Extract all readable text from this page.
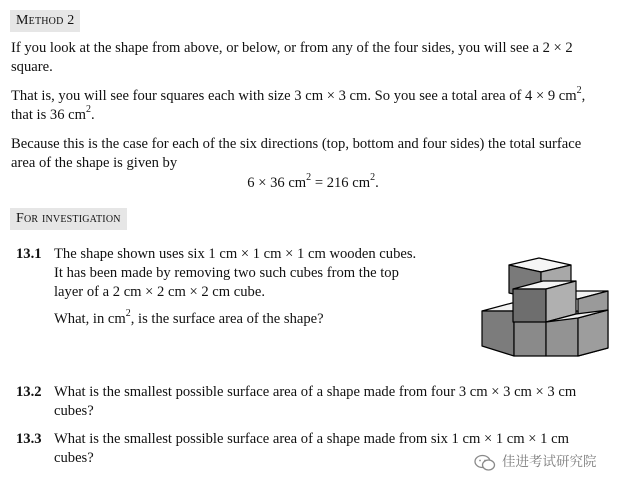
Method 2
If you look at the shape from above, or below, or from any of the four sides, you will see a 2 × 2
square.
That is, you will see four squares each with size 3 cm × 3 cm. So you see a total area of 4 × 9 $cm^2$,
that is 36 $cm^2$.
Because this is the case for each of the six directions (top, bottom and four sides) the total surface
area of the shape is given by
6 × 36 $cm^2 = 216$ $cm^2$.
For investigation
13.1 The shape shown uses six 1 cm × 1 cm × 1 cm wooden cubes.
It has been made by removing two such cubes from the top
layer of a 2 cm × 2 cm × 2 cm cube.
What, in $cm^2$, is the surface area of the shape?
13.2 What is the smallest possible surface area of a shape made from four 3 cm × 3 cm × 3 cm
cubes?
13.3 What is the smallest possible surface area of a shape made from six 1 cm × 1 cm × 1 cm
cubes?	佳进考试研究院
